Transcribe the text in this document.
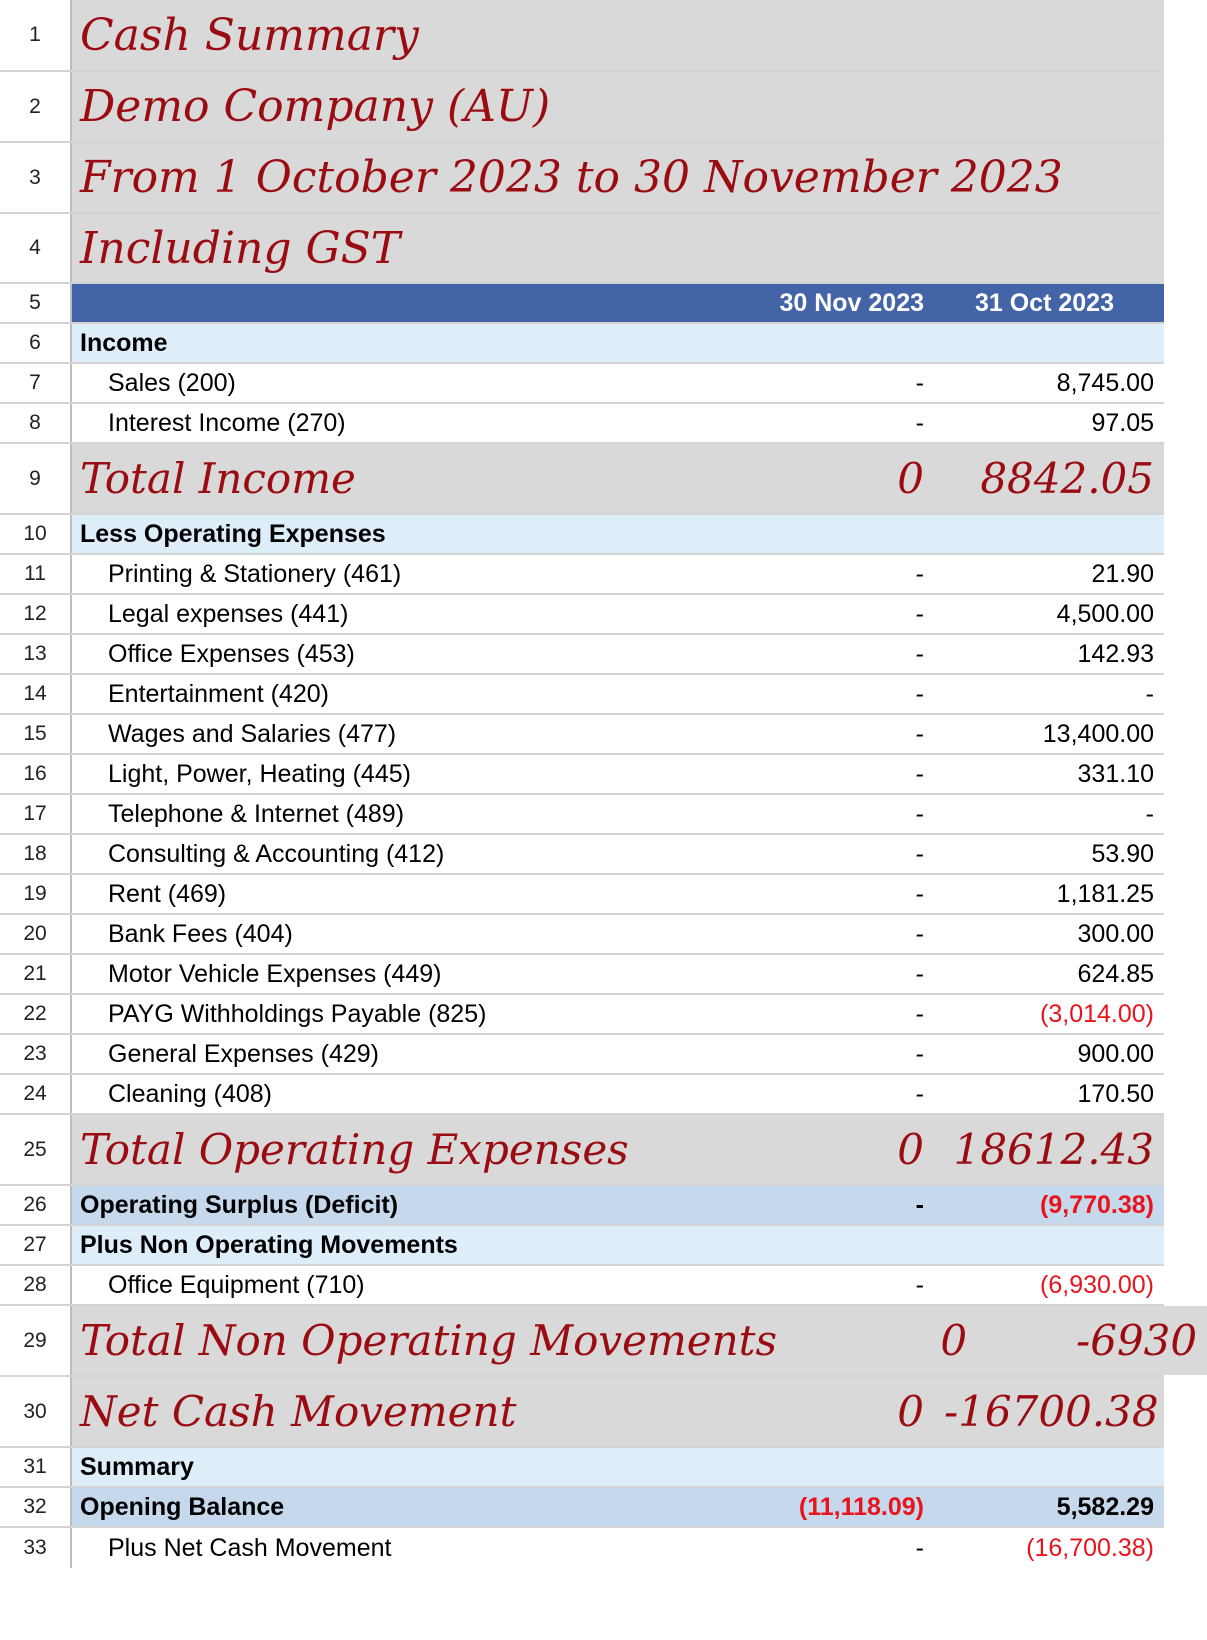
1 Cash Summary
2 Demo Company (AU)
3 From 1 October 2023 to 30 November 2023
4 Including GST
5	30 Nov 2023	31 Oct 2023
6	Income
7	Sales (200)	-	8,745.00
8	Interest Income (270)	-	97.05
9 Total Income	0	8842.05
10	Less Operating Expenses
11	Printing & Stationery (461)	-	21.90
12	Legal expenses (441)	-	4,500.00
13	Office Expenses (453)	-	142.93
14	Entertainment (420)	-	-
15	Wages and Salaries (477)	-	13,400.00
16	Light, Power, Heating (445)	-	331.10
17	Telephone & Internet (489)	-	-
18	Consulting & Accounting (412)	-	53.90
19	Rent (469)	-	1,181.25
20	Bank Fees (404)	-	300.00
21	Motor Vehicle Expenses (449)	-	624.85
22	PAYG Withholdings Payable (825)	-	(3,014.00)
23	General Expenses (429)	-	900.00
24	Cleaning (408)	-	170.50
25 Total Operating Expenses	0 18612.43
26	Operating Surplus (Deficit)	-	(9,770.38)
27	Plus Non Operating Movements
28	Office Equipment (710)	-	(6,930.00)
29 Total Non Operating Movements	0	-6930
30 Net Cash Movement	0 -16700.38
31	Summary
32	Opening Balance	(11,118.09)	5,582.29
33	Plus Net Cash Movement	-	(16,700.38)
